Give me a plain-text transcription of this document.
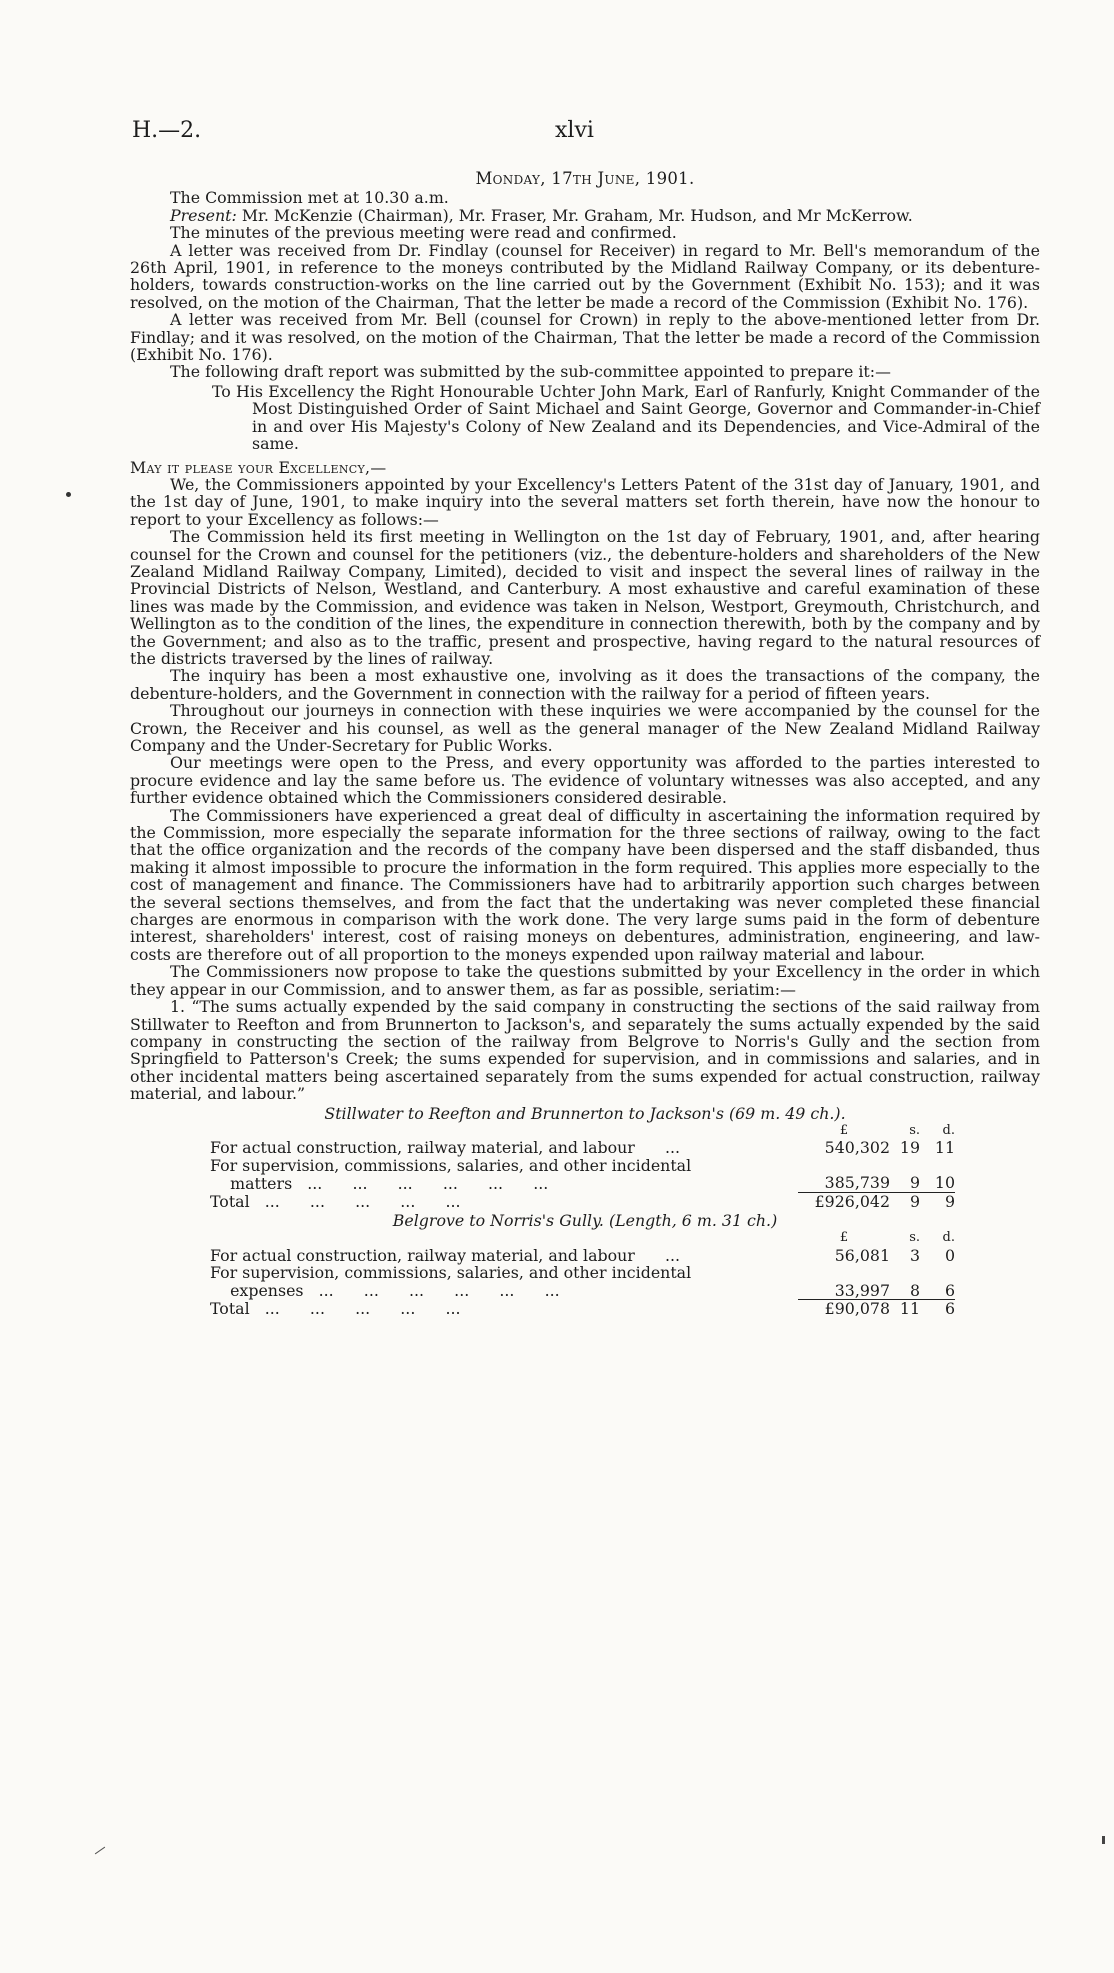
H.—2.	xlvi

Monday, 17th June, 1901.

The Commission met at 10.30 a.m.

Present: Mr. McKenzie (Chairman), Mr. Fraser, Mr. Graham, Mr. Hudson, and Mr McKerrow.

The minutes of the previous meeting were read and confirmed.

A letter was received from Dr. Findlay (counsel for Receiver) in regard to Mr. Bell's memorandum of the 26th April, 1901, in reference to the moneys contributed by the Midland Railway Company, or its debenture-holders, towards construction-works on the line carried out by the Government (Exhibit No. 153); and it was resolved, on the motion of the Chairman, That the letter be made a record of the Commission (Exhibit No. 176).

A letter was received from Mr. Bell (counsel for Crown) in reply to the above-mentioned letter from Dr. Findlay; and it was resolved, on the motion of the Chairman, That the letter be made a record of the Commission (Exhibit No. 176).

The following draft report was submitted by the sub-committee appointed to prepare it:—

To His Excellency the Right Honourable Uchter John Mark, Earl of Ranfurly, Knight Commander of the Most Distinguished Order of Saint Michael and Saint George, Governor and Commander-in-Chief in and over His Majesty's Colony of New Zealand and its Dependencies, and Vice-Admiral of the same.

May it please your Excellency,—

We, the Commissioners appointed by your Excellency's Letters Patent of the 31st day of January, 1901, and the 1st day of June, 1901, to make inquiry into the several matters set forth therein, have now the honour to report to your Excellency as follows:—

The Commission held its first meeting in Wellington on the 1st day of February, 1901, and, after hearing counsel for the Crown and counsel for the petitioners (viz., the debenture-holders and shareholders of the New Zealand Midland Railway Company, Limited), decided to visit and inspect the several lines of railway in the Provincial Districts of Nelson, Westland, and Canterbury. A most exhaustive and careful examination of these lines was made by the Commission, and evidence was taken in Nelson, Westport, Greymouth, Christchurch, and Wellington as to the condition of the lines, the expenditure in connection therewith, both by the company and by the Government; and also as to the traffic, present and prospective, having regard to the natural resources of the districts traversed by the lines of railway.

The inquiry has been a most exhaustive one, involving as it does the transactions of the company, the debenture-holders, and the Government in connection with the railway for a period of fifteen years.

Throughout our journeys in connection with these inquiries we were accompanied by the counsel for the Crown, the Receiver and his counsel, as well as the general manager of the New Zealand Midland Railway Company and the Under-Secretary for Public Works.

Our meetings were open to the Press, and every opportunity was afforded to the parties interested to procure evidence and lay the same before us. The evidence of voluntary witnesses was also accepted, and any further evidence obtained which the Commissioners considered desirable.

The Commissioners have experienced a great deal of difficulty in ascertaining the information required by the Commission, more especially the separate information for the three sections of railway, owing to the fact that the office organization and the records of the company have been dispersed and the staff disbanded, thus making it almost impossible to procure the information in the form required. This applies more especially to the cost of management and finance. The Commissioners have had to arbitrarily apportion such charges between the several sections themselves, and from the fact that the undertaking was never completed these financial charges are enormous in comparison with the work done. The very large sums paid in the form of debenture interest, shareholders' interest, cost of raising moneys on debentures, administration, engineering, and law-costs are therefore out of all proportion to the moneys expended upon railway material and labour.

The Commissioners now propose to take the questions submitted by your Excellency in the order in which they appear in our Commission, and to answer them, as far as possible, seriatim:—

1. “The sums actually expended by the said company in constructing the sections of the said railway from Stillwater to Reefton and from Brunnerton to Jackson's, and separately the sums actually expended by the said company in constructing the section of the railway from Belgrove to Norris's Gully and the section from Springfield to Patterson's Creek; the sums expended for supervision, and in commissions and salaries, and in other incidental matters being ascertained separately from the sums expended for actual construction, railway material, and labour.”

Stillwater to Reefton and Brunnerton to Jackson's (69 m. 49 ch.).

	£	s.	d.
For actual construction, railway material, and labour      ...	540,302	19	11
For supervision, commissions, salaries, and other incidental			
matters   ...      ...      ...      ...      ...      ...	385,739	9	10
Total   ...      ...      ...      ...      ...	£926,042	9	9

Belgrove to Norris's Gully. (Length, 6 m. 31 ch.)

	£	s.	d.
For actual construction, railway material, and labour      ...	56,081	3	0
For supervision, commissions, salaries, and other incidental			
expenses   ...      ...      ...      ...      ...      ...	33,997	8	6
Total   ...      ...      ...      ...      ...	£90,078	11	6
